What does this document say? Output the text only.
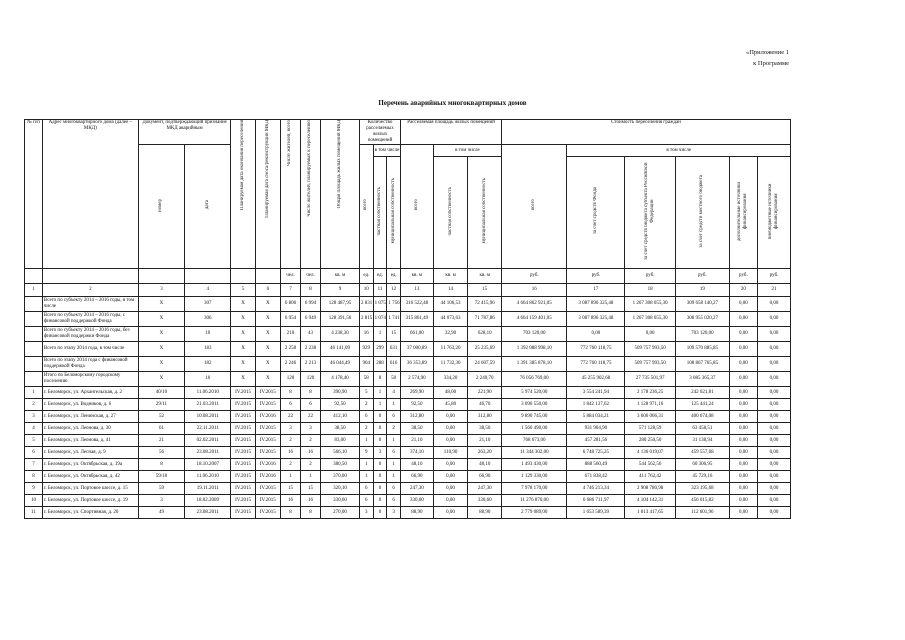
«Приложение 1
к Программе
Перечень аварийных многоквартирных домов
№ п/п	Адрес многоквартирного дома (далее – МКД)	Документ, подтверждающий признание МКД аварийным		Планируемая дата окончания переселения	Планируемая дата сноса/реконструкции МКД	Число жителей, всего	Число жителей, планируемых к переселению	Общая площадь жилых помещений МКД	Количество расселяемых жилых помещений			Расселяемая площадь жилых помещений			Стоимость переселения граждан					
		номер	дата						всего	в том числе		всего	в том числе		всего	в том числе				
										частная собственность	муниципальная собственность		частная собственность	муниципальная собственность		за счет средств Фонда	за счет средств бюджета субъекта Российской Федерации	за счет средств местного бюджета	дополнительные источники финансирования	внебюджетные источники финансирования
						чел.	чел.	кв. м	ед.	ед.	ед.	кв. м	кв. м	кв. м	руб.	руб.	руб.	руб.	руб.	руб.
1	2	3	4	5	6	7	8	9	10	11	12	13	14	15	16	17	18	19	20	21
	Всего по субъекту 2014 – 2016 годы, в том числе	Х	307	Х	Х	6 806	6 994	128 487,95	2 831	1 075	1 756	316 522,48	44 106,53	72 415,96	4 664 862 921,05	3 087 896 325,48	1 267 308 055,30	309 658 140,27	0,00	0,00
	Всего по субъекту 2014 – 2016 годы, с финансовой поддержкой Фонда	Х	306	Х	Х	6 954	6 949	128 391,56	2 815	1 074	1 741	315 861,49	44 073,63	71 787,86	4 664 159 401,05	3 087 896 325,48	1 267 308 055,30	308 955 020,27	0,00	0,00
	Всего по субъекту 2014 – 2016 годы, без финансовой поддержки Фонда	Х	10	Х	Х	210	43	4 238,30	16	1	15	661,00	32,90	628,10	703 120,00	0,00	0,00	703 120,00	0,00	0,00
	Всего по этапу 2014 года, в том числе	Х	183	Х	Х	2 258	2 238	46 141,09	929	299	631	37 000,89	11 763,20	25 235,69	1 392 088 998,10	772 760 118,75	509 757 993,50	109 570 885,85	0,00	0,00
	Всего по этапу 2014 года с финансовой поддержкой Фонда	Х	182	Х	Х	2 246	2 213	46 044,49	904	288	616	36 353,89	11 732,30	24 607,59	1 391 385 878,10	772 760 118,75	509 757 993,50	108 867 765,85	0,00	0,00
	Итого по Беломорскому городскому поселению	Х	16	Х	Х	120	120	4 178,40	58	8	50	2 574,90	334,20	2 240,70	76 056 769,00	45 255 902,68	27 735 501,97	3 085 365,37	0,00	0,00
1	г. Беломорск, ул. Архангельская, д. 2	40/10	11.06.2010	IV.2015	IV.2015	8	8	390,90	5	1	4	269,90	48,00	221,90	5 974 520,00	3 554 241,94	2 178 236,25	242 021,81	0,00	0,00
2	г. Беломорск, ул. Водников, д. 6	29/11	21.03.2011	IV.2015	IV.2015	6	6	92,50	2	1	1	92,50	45,80	46,70	3 096 550,00	1 842 137,62	1 128 971,16	125 441,24	0,00	0,00
3	г. Беломорск, ул. Ленинская, д. 27	52	10.08.2011	IV.2015	IV.2016	22	22	412,10	6	0	6	312,80	0,00	312,80	9 890 745,00	5 884 034,21	3 606 066,31	400 674,08	0,00	0,00
4	г. Беломорск, ул. Леонова, д. 30	61	22.11.2011	IV.2015	IV.2015	3	3	38,50	2	0	2	38,50	0,00	38,50	1 566 490,00	931 904,90	571 128,59	63 458,51	0,00	0,00
5	г. Беломорск, ул. Леонова, д. 41	21	02.02.2011	IV.2015	IV.2015	2	2	83,00	1	0	1	21,10	0,00	21,10	768 673,00	457 281,56	280 250,50	31 138,94	0,00	0,00
6	г. Беломорск, ул. Лесная, д. 9	56	23.08.2011	IV.2015	IV.2015	16	16	566,10	9	3	6	374,10	110,90	263,20	11 344 302,00	6 748 725,25	4 136 019,07	459 557,68	0,00	0,00
7	г. Беломорск, ул. Октябрьская, д. 19а	8	18.10.2007	IV.2015	IV.2016	2	2	380,50	1	0	1	48,10	0,00	48,10	1 493 430,00	888 560,49	544 562,56	60 306,95	0,00	0,00
8	г. Беломорск, ул. Октябрьская, д. 42	59/18	11.06.2010	IV.2015	IV.2016	1	1	370,00	1	0	1	66,90	0,00	66,90	1 129 330,00	671 838,42	411 762,42	45 729,16	0,00	0,00
9	г. Беломорск, ул. Портовое шоссе, д. 15	59	19.11.2011	IV.2015	IV.2015	15	15	320,10	6	0	6	247,30	0,00	247,30	7 978 170,00	4 746 213,34	2 908 780,98	323 195,68	0,00	0,00
10	г. Беломорск, ул. Портовое шоссе, д. 19	3	18.02.2009	IV.2015	IV.2015	16	16	330,60	6	0	6	330,60	0,00	330,60	11 276 870,00	6 686 711,97	4 104 142,31	456 015,82	0,00	0,00
11	г. Беломорск, ул. Спортивная, д. 20	49	23.08.2011	IV.2015	IV.2015	8	8	270,00	3	0	3	88,90	0,00	88,90	2 779 089,00	1 653 589,39	1 013 417,65	112 601,96	0,00	0,00
